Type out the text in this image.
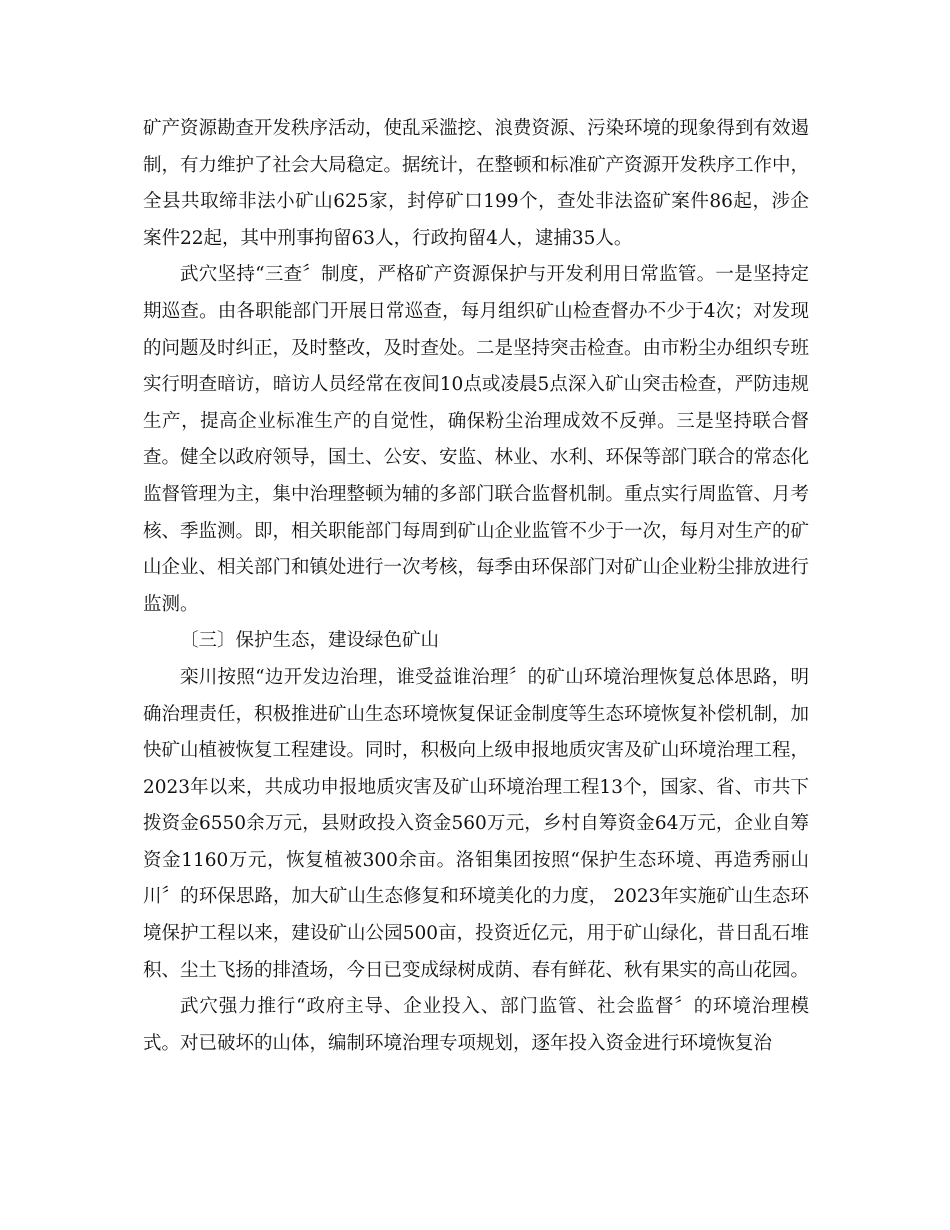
矿产资源勘查开发秩序活动，使乱采滥挖、浪费资源、污染环境的现象得到有效遏制，有力维护了社会大局稳定。据统计，在整顿和标准矿产资源开发秩序工作中，全县共取缔非法小矿山625家，封停矿口199个，查处非法盗矿案件86起，涉企案件22起，其中刑事拘留63人，行政拘留4人，逮捕35人。

武穴坚持“三查〞制度，严格矿产资源保护与开发利用日常监管。一是坚持定期巡查。由各职能部门开展日常巡查，每月组织矿山检查督办不少于4次；对发现的问题及时纠正，及时整改，及时查处。二是坚持突击检查。由市粉尘办组织专班实行明查暗访，暗访人员经常在夜间10点或凌晨5点深入矿山突击检查，严防违规生产，提高企业标准生产的自觉性，确保粉尘治理成效不反弹。三是坚持联合督查。健全以政府领导，国土、公安、安监、林业、水利、环保等部门联合的常态化监督管理为主，集中治理整顿为辅的多部门联合监督机制。重点实行周监管、月考核、季监测。即，相关职能部门每周到矿山企业监管不少于一次，每月对生产的矿山企业、相关部门和镇处进行一次考核，每季由环保部门对矿山企业粉尘排放进行监测。

〔三〕保护生态，建设绿色矿山

栾川按照“边开发边治理，谁受益谁治理〞的矿山环境治理恢复总体思路，明确治理责任，积极推进矿山生态环境恢复保证金制度等生态环境恢复补偿机制，加快矿山植被恢复工程建设。同时，积极向上级申报地质灾害及矿山环境治理工程，2023年以来，共成功申报地质灾害及矿山环境治理工程13个，国家、省、市共下拨资金6550余万元，县财政投入资金560万元，乡村自筹资金64万元，企业自筹资金1160万元，恢复植被300余亩。洛钼集团按照“保护生态环境、再造秀丽山川〞的环保思路，加大矿山生态修复和环境美化的力度， 2023年实施矿山生态环境保护工程以来，建设矿山公园500亩，投资近亿元，用于矿山绿化，昔日乱石堆积、尘土飞扬的排渣场，今日已变成绿树成荫、春有鲜花、秋有果实的高山花园。

武穴强力推行“政府主导、企业投入、部门监管、社会监督〞的环境治理模式。对已破坏的山体，编制环境治理专项规划，逐年投入资金进行环境恢复治
